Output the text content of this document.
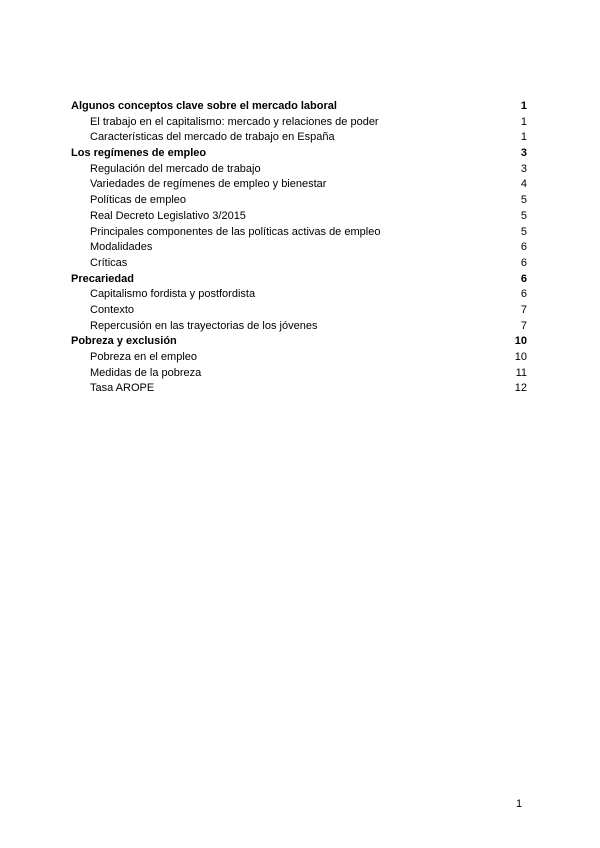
Algunos conceptos clave sobre el mercado laboral	1
El trabajo en el capitalismo: mercado y relaciones de poder	1
Características del mercado de trabajo en España	1
Los regímenes de empleo	3
Regulación del mercado de trabajo	3
Variedades de regímenes de empleo y bienestar	4
Políticas de empleo	5
Real Decreto Legislativo 3/2015	5
Principales componentes de las políticas activas de empleo	5
Modalidades	6
Críticas	6
Precariedad	6
Capitalismo fordista y postfordista	6
Contexto	7
Repercusión en las trayectorias de los jóvenes	7
Pobreza y exclusión	10
Pobreza en el empleo	10
Medidas de la pobreza	11
Tasa AROPE	12
1
